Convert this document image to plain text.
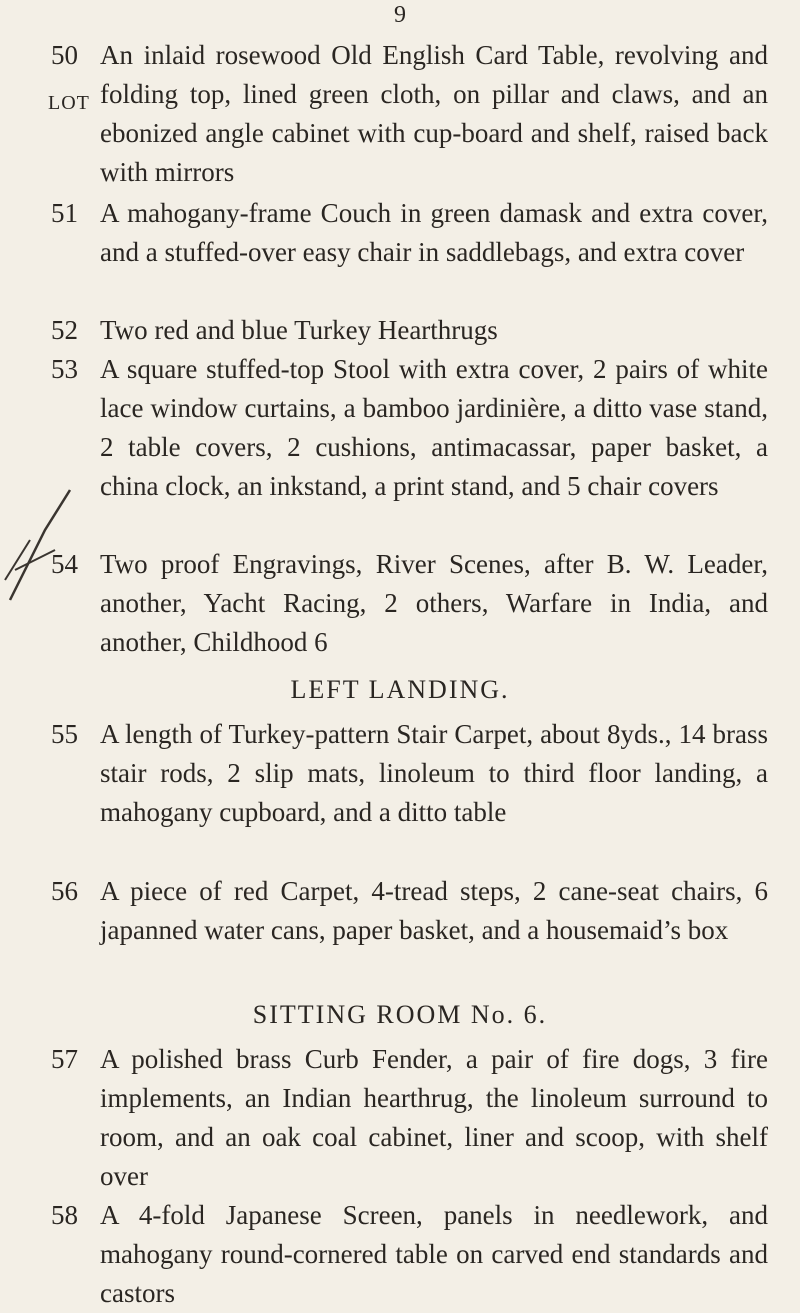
9
LOT
50 An inlaid rosewood Old English Card Table, revolving and folding top, lined green cloth, on pillar and claws, and an ebonized angle cabinet with cup-board and shelf, raised back with mirrors
51 A mahogany-frame Couch in green damask and extra cover, and a stuffed-over easy chair in saddlebags, and extra cover
52 Two red and blue Turkey Hearthrugs
53 A square stuffed-top Stool with extra cover, 2 pairs of white lace window curtains, a bamboo jardinière, a ditto vase stand, 2 table covers, 2 cushions, antimacassar, paper basket, a china clock, an inkstand, a print stand, and 5 chair covers
54 Two proof Engravings, River Scenes, after B. W. Leader, another, Yacht Racing, 2 others, Warfare in India, and another, Childhood 6
LEFT LANDING.
55 A length of Turkey-pattern Stair Carpet, about 8yds., 14 brass stair rods, 2 slip mats, linoleum to third floor landing, a mahogany cupboard, and a ditto table
56 A piece of red Carpet, 4-tread steps, 2 cane-seat chairs, 6 japanned water cans, paper basket, and a housemaid’s box
SITTING ROOM No. 6.
57 A polished brass Curb Fender, a pair of fire dogs, 3 fire implements, an Indian hearthrug, the linoleum surround to room, and an oak coal cabinet, liner and scoop, with shelf over
58 A 4-fold Japanese Screen, panels in needlework, and mahogany round-cornered table on carved end standards and castors
